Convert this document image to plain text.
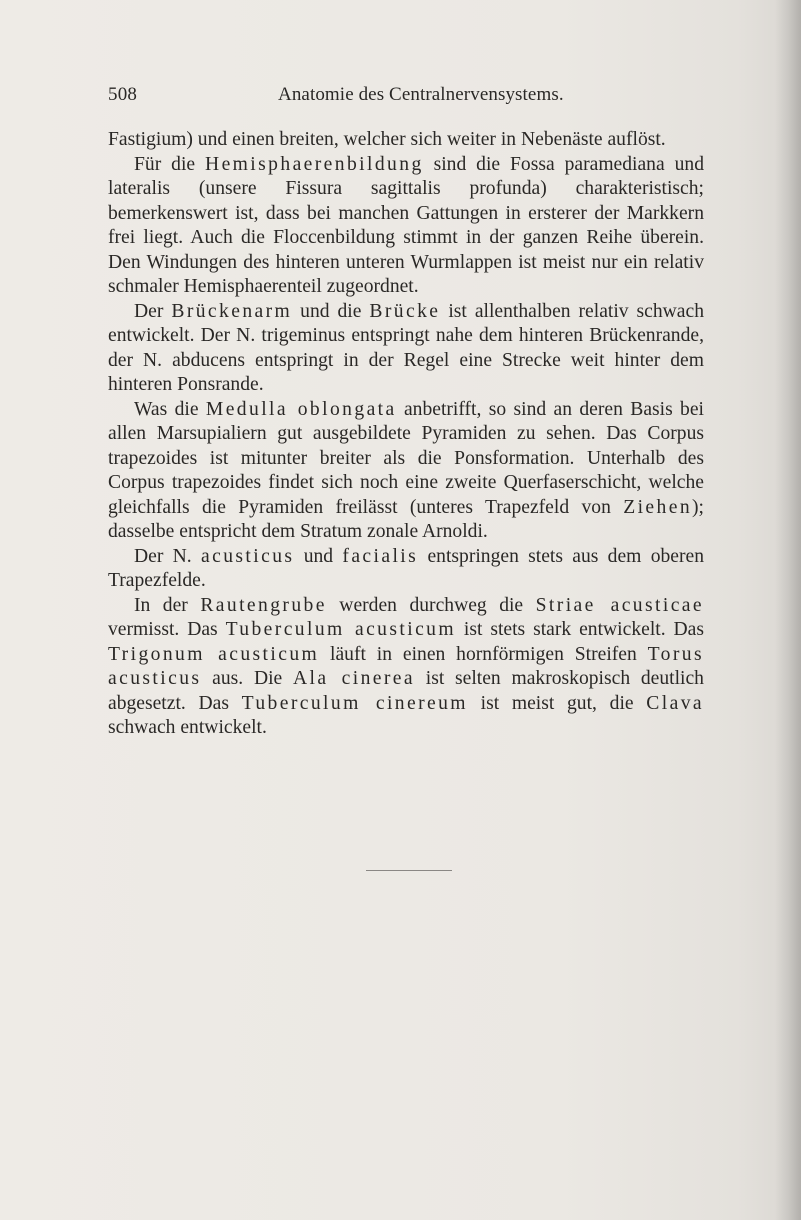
508	Anatomie des Centralnervensystems.

Fastigium) und einen breiten, welcher sich weiter in Nebenäste auflöst.

Für die Hemisphaerenbildung sind die Fossa paramediana und lateralis (unsere Fissura sagittalis profunda) charakteristisch; bemerkenswert ist, dass bei manchen Gattungen in ersterer der Markkern frei liegt. Auch die Floccenbildung stimmt in der ganzen Reihe überein. Den Windungen des hinteren unteren Wurmlappen ist meist nur ein relativ schmaler Hemisphaerenteil zugeordnet.

Der Brückenarm und die Brücke ist allenthalben relativ schwach entwickelt. Der N. trigeminus entspringt nahe dem hinteren Brückenrande, der N. abducens entspringt in der Regel eine Strecke weit hinter dem hinteren Ponsrande.

Was die Medulla oblongata anbetrifft, so sind an deren Basis bei allen Marsupialiern gut ausgebildete Pyramiden zu sehen. Das Corpus trapezoides ist mitunter breiter als die Ponsformation. Unterhalb des Corpus trapezoides findet sich noch eine zweite Querfaserschicht, welche gleichfalls die Pyramiden freilässt (unteres Trapezfeld von Ziehen); dasselbe entspricht dem Stratum zonale Arnoldi.

Der N. acusticus und facialis entspringen stets aus dem oberen Trapezfelde.

In der Rautengrube werden durchweg die Striae acusticae vermisst. Das Tuberculum acusticum ist stets stark entwickelt. Das Trigonum acusticum läuft in einen hornförmigen Streifen Torus acusticus aus. Die Ala cinerea ist selten makroskopisch deutlich abgesetzt. Das Tuberculum cinereum ist meist gut, die Clava schwach entwickelt.
